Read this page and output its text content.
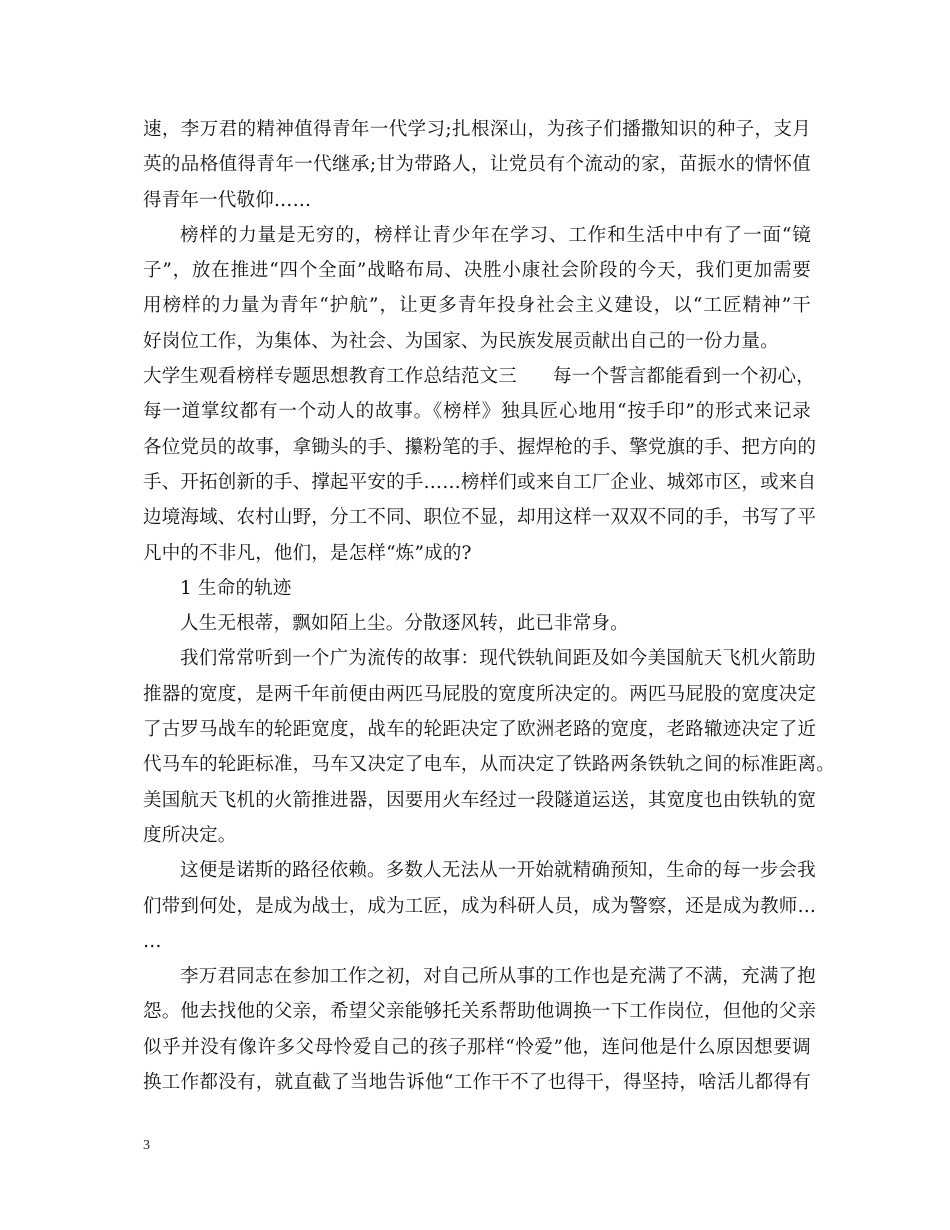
速，李万君的精神值得青年一代学习;扎根深山，为孩子们播撒知识的种子，支月
英的品格值得青年一代继承;甘为带路人，让党员有个流动的家，苗振水的情怀值
得青年一代敬仰……
榜样的力量是无穷的，榜样让青少年在学习、工作和生活中中有了一面“镜
子”，放在推进“四个全面”战略布局、决胜小康社会阶段的今天，我们更加需要
用榜样的力量为青年“护航”，让更多青年投身社会主义建设，以“工匠精神”干
好岗位工作，为集体、为社会、为国家、为民族发展贡献出自己的一份力量。
大学生观看榜样专题思想教育工作总结范文三 每一个誓言都能看到一个初心，
每一道掌纹都有一个动人的故事。《榜样》独具匠心地用“按手印”的形式来记录
各位党员的故事，拿锄头的手、攥粉笔的手、握焊枪的手、擎党旗的手、把方向的
手、开拓创新的手、撑起平安的手……榜样们或来自工厂企业、城郊市区，或来自
边境海域、农村山野，分工不同、职位不显，却用这样一双双不同的手，书写了平
凡中的不非凡，他们，是怎样“炼”成的?
1 生命的轨迹
人生无根蒂，飘如陌上尘。分散逐风转，此已非常身。
我们常常听到一个广为流传的故事：现代铁轨间距及如今美国航天飞机火箭助
推器的宽度，是两千年前便由两匹马屁股的宽度所决定的。两匹马屁股的宽度决定
了古罗马战车的轮距宽度，战车的轮距决定了欧洲老路的宽度，老路辙迹决定了近
代马车的轮距标准，马车又决定了电车，从而决定了铁路两条铁轨之间的标准距离。
美国航天飞机的火箭推进器，因要用火车经过一段隧道运送，其宽度也由铁轨的宽
度所决定。
这便是诺斯的路径依赖。多数人无法从一开始就精确预知，生命的每一步会我
们带到何处，是成为战士，成为工匠，成为科研人员，成为警察，还是成为教师…
…
李万君同志在参加工作之初，对自己所从事的工作也是充满了不满，充满了抱
怨。他去找他的父亲，希望父亲能够托关系帮助他调换一下工作岗位，但他的父亲
似乎并没有像许多父母怜爱自己的孩子那样“怜爱”他，连问他是什么原因想要调
换工作都没有，就直截了当地告诉他“工作干不了也得干，得坚持，啥活儿都得有
3
